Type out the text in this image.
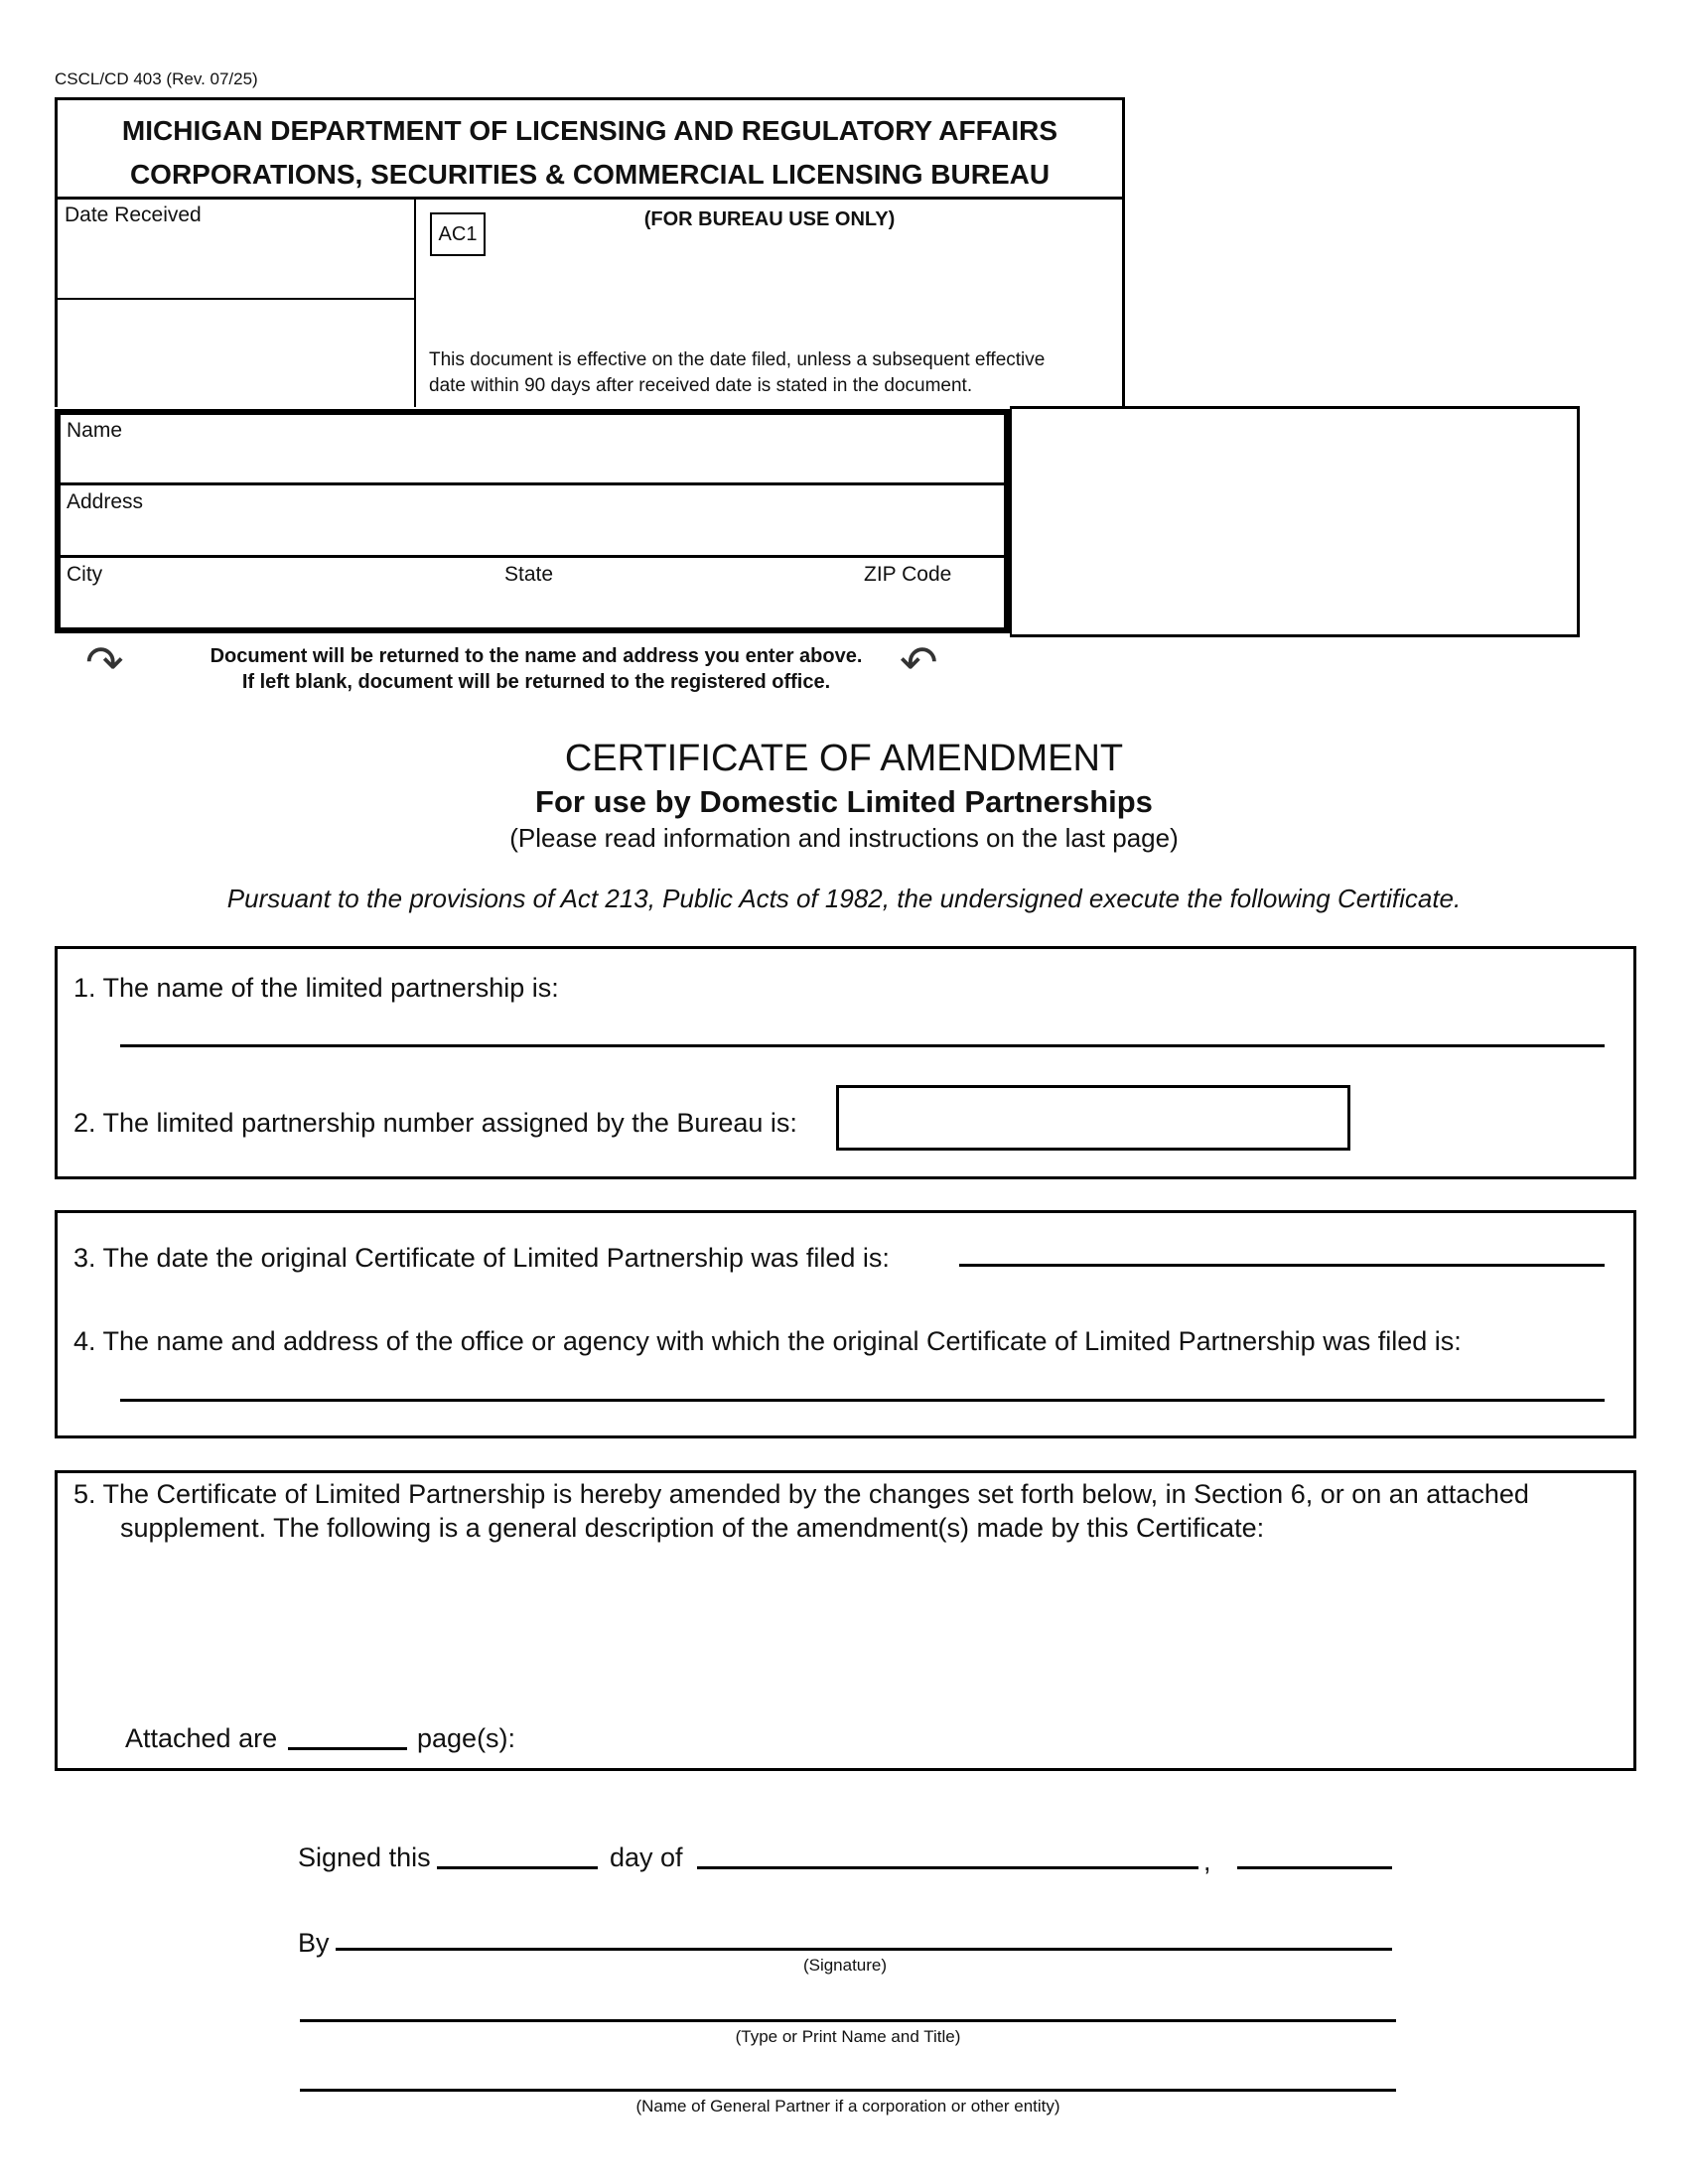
CSCL/CD 403 (Rev. 07/25)
MICHIGAN DEPARTMENT OF LICENSING AND REGULATORY AFFAIRS
CORPORATIONS, SECURITIES & COMMERCIAL LICENSING BUREAU
Date Received
AC1
(FOR BUREAU USE ONLY)
This document is effective on the date filed, unless a subsequent effective
date within 90 days after received date is stated in the document.
Name
Address
City	State	ZIP Code
↷	Document will be returned to the name and address you enter above.
If left blank, document will be returned to the registered office.	↶
CERTIFICATE OF AMENDMENT
For use by Domestic Limited Partnerships
(Please read information and instructions on the last page)
Pursuant to the provisions of Act 213, Public Acts of 1982, the undersigned execute the following Certificate.
1. The name of the limited partnership is:
2. The limited partnership number assigned by the Bureau is:
3. The date the original Certificate of Limited Partnership was filed is:
4. The name and address of the office or agency with which the original Certificate of Limited Partnership was filed is:
5. The Certificate of Limited Partnership is hereby amended by the changes set forth below, in Section 6, or on an attached
supplement. The following is a general description of the amendment(s) made by this Certificate:
Attached are	page(s):
Signed this	day of	,
By
(Signature)
(Type or Print Name and Title)
(Name of General Partner if a corporation or other entity)
